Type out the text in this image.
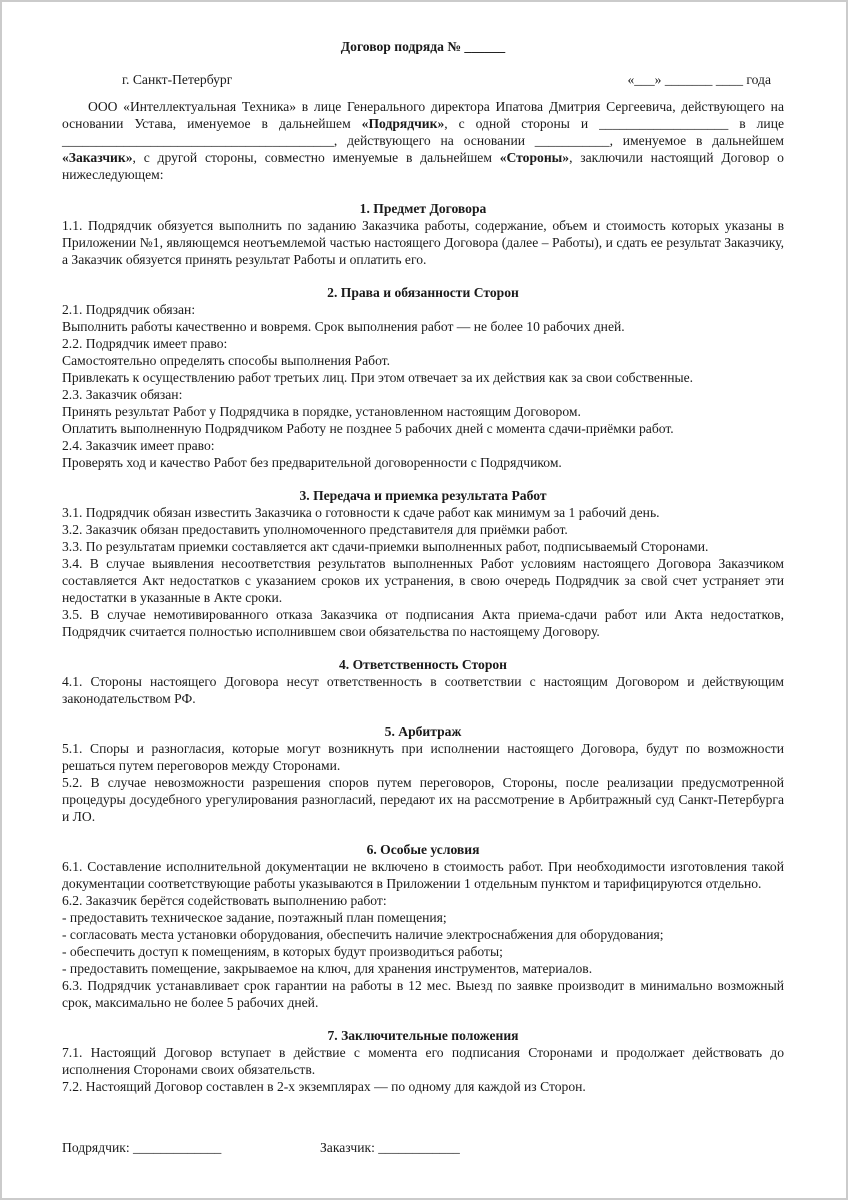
Договор подряда № ______

г. Санкт-Петербург	«___» _______ ____ года

ООО «Интеллектуальная Техника» в лице Генерального директора Ипатова Дмитрия Сергеевича, действующего на основании Устава, именуемое в дальнейшем «Подрядчик», с одной стороны и ___________________ в лице ________________________________________, действующего на основании ___________, именуемое в дальнейшем «Заказчик», с другой стороны, совместно именуемые в дальнейшем «Стороны», заключили настоящий Договор о нижеследующем:

1. Предмет Договора

1.1. Подрядчик обязуется выполнить по заданию Заказчика работы, содержание, объем и стоимость которых указаны в Приложении №1, являющемся неотъемлемой частью настоящего Договора (далее – Работы), и сдать ее результат Заказчику, а Заказчик обязуется принять результат Работы и оплатить его.

2. Права и обязанности Сторон

2.1. Подрядчик обязан:

Выполнить работы качественно и вовремя. Срок выполнения работ — не более 10 рабочих дней.

2.2. Подрядчик имеет право:

Самостоятельно определять способы выполнения Работ.

Привлекать к осуществлению работ третьих лиц. При этом отвечает за их действия как за свои собственные.

2.3. Заказчик обязан:

Принять результат Работ у Подрядчика в порядке, установленном настоящим Договором.

Оплатить выполненную Подрядчиком Работу не позднее 5 рабочих дней с момента сдачи-приёмки работ.

2.4. Заказчик имеет право:

Проверять ход и качество Работ без предварительной договоренности с Подрядчиком.

3. Передача и приемка результата Работ

3.1. Подрядчик обязан известить Заказчика о готовности к сдаче работ как минимум за 1 рабочий день.

3.2. Заказчик обязан предоставить уполномоченного представителя для приёмки работ.

3.3. По результатам приемки составляется акт сдачи-приемки выполненных работ, подписываемый Сторонами.

3.4. В случае выявления несоответствия результатов выполненных Работ условиям настоящего Договора Заказчиком составляется Акт недостатков с указанием сроков их устранения, в свою очередь Подрядчик за свой счет устраняет эти недостатки в указанные в Акте сроки.

3.5. В случае немотивированного отказа Заказчика от подписания Акта приема-сдачи работ или Акта недостатков, Подрядчик считается полностью исполнившем свои обязательства по настоящему Договору.

4. Ответственность Сторон

4.1. Стороны настоящего Договора несут ответственность в соответствии с настоящим Договором и действующим законодательством РФ.

5. Арбитраж

5.1. Споры и разногласия, которые могут возникнуть при исполнении настоящего Договора, будут по возможности решаться путем переговоров между Сторонами.

5.2. В случае невозможности разрешения споров путем переговоров, Стороны, после реализации предусмотренной процедуры досудебного урегулирования разногласий, передают их на рассмотрение в Арбитражный суд Санкт-Петербурга и ЛО.

6. Особые условия

6.1. Составление исполнительной документации не включено в стоимость работ. При необходимости изготовления такой документации соответствующие работы указываются в Приложении 1 отдельным пунктом и тарифицируются отдельно.

6.2. Заказчик берётся содействовать выполнению работ:

- предоставить техническое задание, поэтажный план помещения;

- согласовать места установки оборудования, обеспечить наличие электроснабжения для оборудования;

- обеспечить доступ к помещениям, в которых будут производиться работы;

- предоставить помещение, закрываемое на ключ, для хранения инструментов, материалов.

6.3. Подрядчик устанавливает срок гарантии на работы в 12 мес. Выезд по заявке производит в минимально возможный срок, максимально не более 5 рабочих дней.

7. Заключительные положения

7.1. Настоящий Договор вступает в действие с момента его подписания Сторонами и продолжает действовать до исполнения Сторонами своих обязательств.

7.2. Настоящий Договор составлен в 2-х экземплярах — по одному для каждой из Сторон.

Подрядчик: _____________	Заказчик: ____________
